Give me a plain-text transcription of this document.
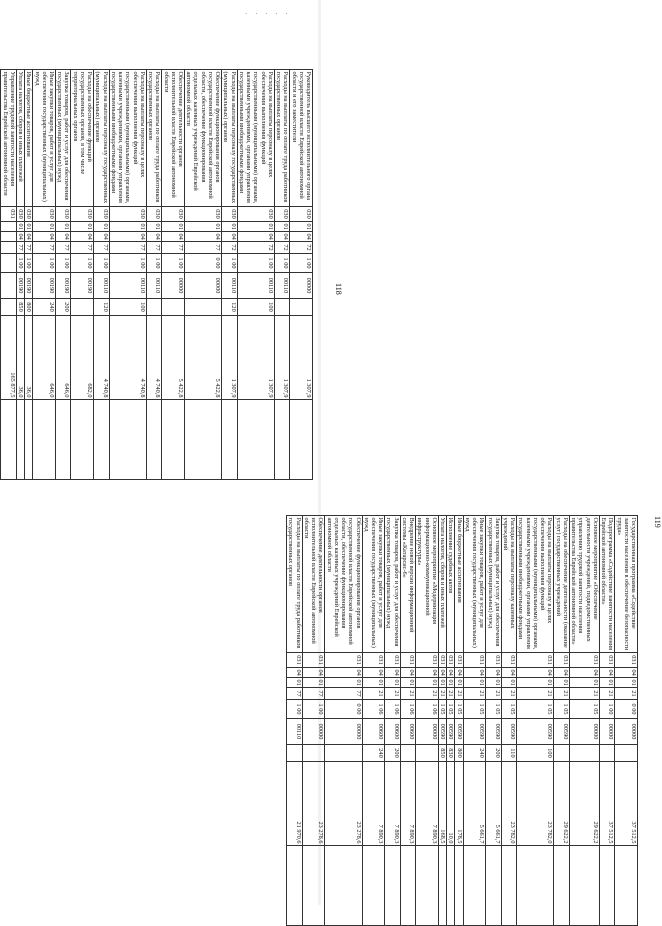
· · · · ·
118
Руководитель высшего исполнительного органа государственной власти Еврейской автономной области и его заместители	030	01	04	72	1 00	00000		1 307,9	
Расходы на выплаты по оплате труда работников государственных органов	030	01	04	72	1 00	00110		1 307,9	
Расходы на выплаты персоналу в целях обеспечения выполнения функций государственными (муниципальными) органами, казенными учреждениями, органами управления государственными внебюджетными фондами	030	01	04	72	1 00	00110	100	1 307,9	
Расходы на выплаты персоналу государственных (муниципальных) органов	030	01	04	72	1 00	00110	120	1 307,9	
Обеспечение функционирования органов государственной власти Еврейской автономной области, обеспечение функционирования отдельных казенных учреждений Еврейской автономной области	030	01	04	77	0 00	00000		5 422,8	
Обеспечение деятельности органов исполнительной власти Еврейской автономной области	030	01	04	77	1 00	00000		5 422,8	
Расходы на выплаты по оплате труда работников государственных органов	030	01	04	77	1 00	00110		4 740,8	
Расходы на выплаты персоналу в целях обеспечения выполнения функций государственными (муниципальными) органами, казенными учреждениями, органами управления государственными внебюджетными фондами	030	01	04	77	1 00	00110	100	4 740,8	
Расходы на выплаты персоналу государственных (муниципальных) органов	030	01	04	77	1 00	00110	120	4 740,8	
Расходы на обеспечение функций государственных органов, в том числе территориальных органов	030	01	04	77	1 00	00190		682,0	
Закупка товаров, работ и услуг для обеспечения государственных (муниципальных) нужд	030	01	04	77	1 00	00190	200	646,0	
Иные закупки товаров, работ и услуг для обеспечения государственных (муниципальных) нужд	030	01	04	77	1 00	00190	240	646,0	
Иные бюджетные ассигнования	030	01	04	77	1 00	00190	800	36,0	
Уплата налогов, сборов и иных платежей	030	01	04	77	1 00	00190	850	36,0	
Управление трудовой занятости населения правительства Еврейской автономной области	031							165 877,5	

119
Государственная программа «Содействие занятости населения в обеспечение безопасности труда»	031	04	01	21	0 00	00000		37 512,5	
Подпрограмма «Содействие занятости населения Еврейской автономной области»	031	04	01	21	1 00	00000		37 512,5	
Основное мероприятие «Обеспечение деятельности учреждений, подведомственных управлению трудовой занятости населения правительства Еврейской автономной области»	031	04	01	21	1 05	00000		29 622,2	
Расходы на обеспечение деятельности (оказание услуг) государственных учреждений	031	04	01	21	1 05	00590		29 622,2	
Расходы на выплаты персоналу в целях обеспечения выполнения функций государственными (муниципальными) органами, казенными учреждениями, органами управления государственными внебюджетными фондами	031	04	01	21	1 05	00590	100	23 782,0	
Расходы на выплаты персоналу казенных учреждений	031	04	01	21	1 05	00590	110	23 782,0	
Закупка товаров, работ и услуг для обеспечения государственных (муниципальных) нужд	031	04	01	21	1 05	00590	200	5 661,7	
Иные закупки товаров, работ и услуг для обеспечения государственных (муниципальных) нужд	031	04	01	21	1 05	00590	240	5 661,7	
Иные бюджетные ассигнования	031	04	01	21	1 05	00590	800	178,5	
Исполнение судебных актов	031	04	01	21	1 05	00590	830	10,0	
Уплата налогов, сборов и иных платежей	031	04	01	21	1 05	00590	850	168,5	
Основное мероприятие «Модернизация информационно-коммуникационной инфраструктуры»	031	04	01	21	1 06	00000		7 890,3	
Внедрение новой версии информационной системы «Катарсис-6»	031	04	01	21	1 06	00600		7 890,3	
Закупка товаров, работ и услуг для обеспечения государственных (муниципальных) нужд	031	04	01	21	1 06	00600	200	7 890,3	
Иные закупки товаров, работ и услуг для обеспечения государственных (муниципальных) нужд	031	04	01	21	1 06	00600	240	7 890,3	
Обеспечение функционирования органов государственной власти Еврейской автономной области, обеспечение функционирования отдельных казенных учреждений Еврейской автономной области	031	04	01	77	0 00	00000		23 278,6	
Обеспечение деятельности органов исполнительной власти Еврейской автономной области	031	04	01	77	1 00	00000		23 278,6	
Расходы на выплаты по оплате труда работников государственных органов	031	04	01	77	1 00	00110		21 970,6	
